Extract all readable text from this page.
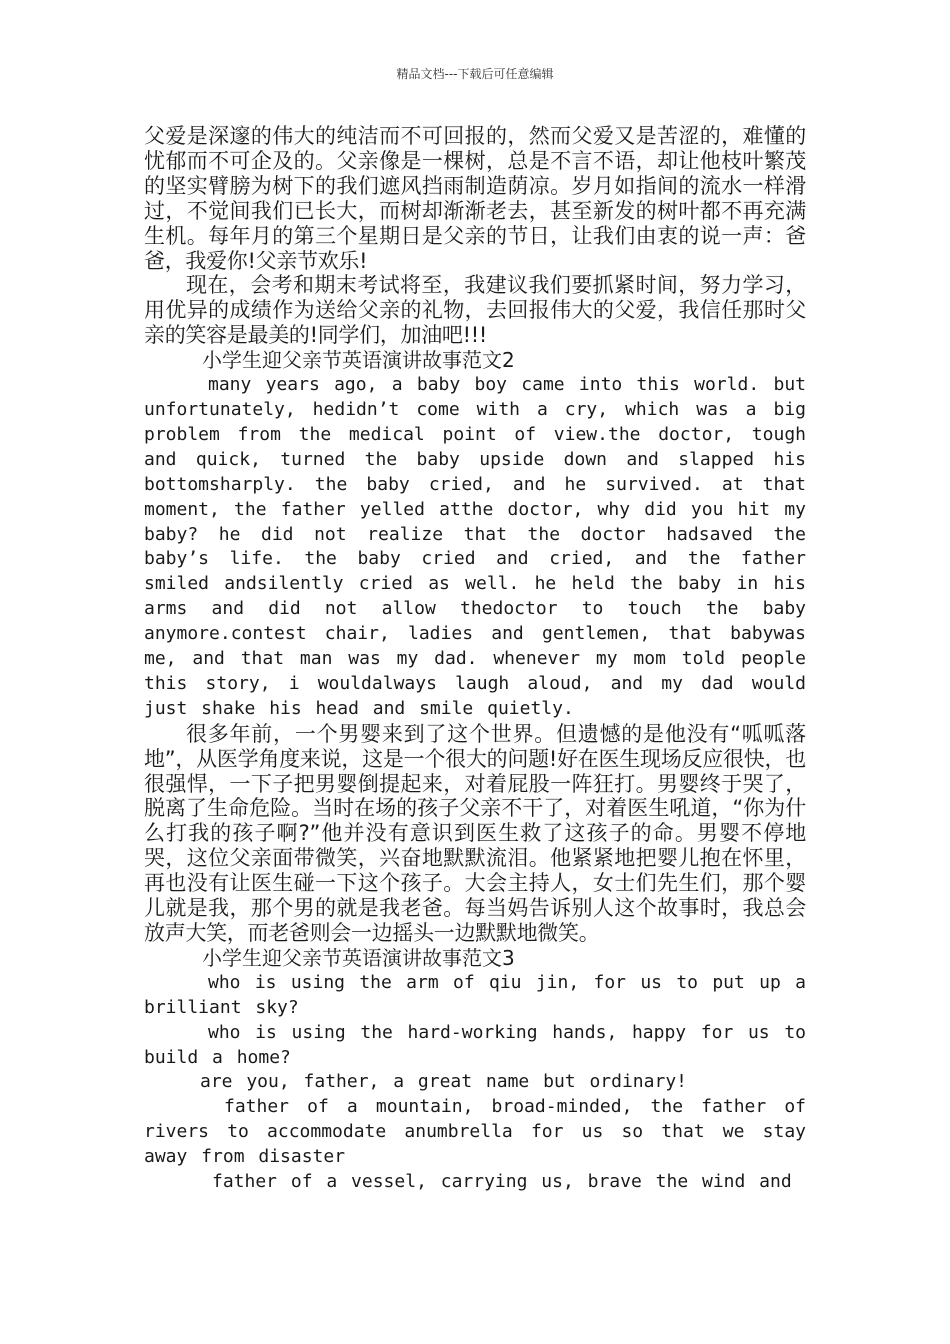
精品文档---下载后可任意编辑

父爱是深邃的伟大的纯洁而不可回报的，然而父爱又是苦涩的，难懂的忧郁而不可企及的。父亲像是一棵树，总是不言不语，却让他枝叶繁茂的坚实臂膀为树下的我们遮风挡雨制造荫凉。岁月如指间的流水一样滑过，不觉间我们已长大，而树却渐渐老去，甚至新发的树叶都不再充满生机。每年月的第三个星期日是父亲的节日，让我们由衷的说一声：爸爸，我爱你!父亲节欢乐!

现在，会考和期末考试将至，我建议我们要抓紧时间，努力学习，用优异的成绩作为送给父亲的礼物，去回报伟大的父爱，我信任那时父亲的笑容是最美的!同学们，加油吧!!!

小学生迎父亲节英语演讲故事范文2

many years ago, a baby boy came into this world. but unfortunately, hedidn’t come with a cry, which was a big problem from the medical point of view.the doctor, tough and quick, turned the baby upside down and slapped his bottomsharply. the baby cried, and he survived. at that moment, the father yelled atthe doctor, why did you hit my baby? he did not realize that the doctor hadsaved the baby’s life. the baby cried and cried, and the father smiled andsilently cried as well. he held the baby in his arms and did not allow thedoctor to touch the baby anymore.contest chair, ladies and gentlemen, that babywas me, and that man was my dad. whenever my mom told people this story, i wouldalways laugh aloud, and my dad would just shake his head and smile quietly.

很多年前，一个男婴来到了这个世界。但遗憾的是他没有“呱呱落地”，从医学角度来说，这是一个很大的问题!好在医生现场反应很快，也很强悍，一下子把男婴倒提起来，对着屁股一阵狂打。男婴终于哭了，脱离了生命危险。当时在场的孩子父亲不干了，对着医生吼道，“你为什么打我的孩子啊?”他并没有意识到医生救了这孩子的命。男婴不停地哭，这位父亲面带微笑，兴奋地默默流泪。他紧紧地把婴儿抱在怀里，再也没有让医生碰一下这个孩子。大会主持人，女士们先生们，那个婴儿就是我，那个男的就是我老爸。每当妈告诉别人这个故事时，我总会放声大笑，而老爸则会一边摇头一边默默地微笑。

小学生迎父亲节英语演讲故事范文3

who is using the arm of qiu jin, for us to put up a brilliant sky?

who is using the hard-working hands, happy for us to build a home?

are you, father, a great name but ordinary!

father of a mountain, broad-minded, the father of rivers to accommodate anumbrella for us so that we stay away from disaster

father of a vessel, carrying us, brave the wind and
